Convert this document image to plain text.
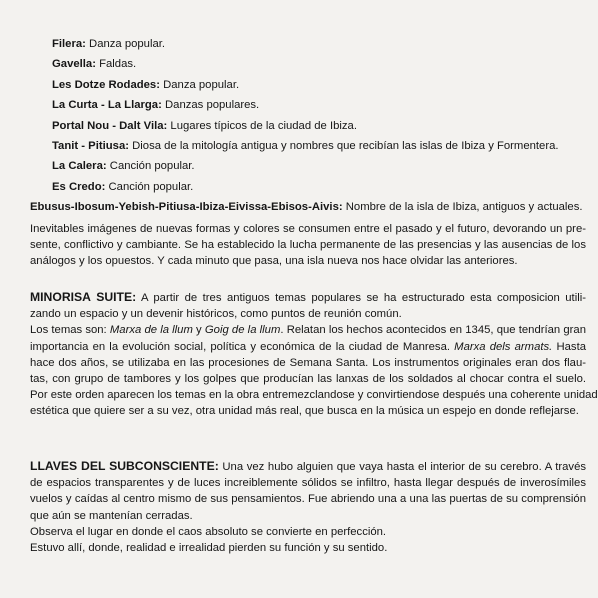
Filera: Danza popular.
Gavella: Faldas.
Les Dotze Rodades: Danza popular.
La Curta - La Llarga: Danzas populares.
Portal Nou - Dalt Vila: Lugares típicos de la ciudad de Ibiza.
Tanit - Pitiusa: Diosa de la mitología antigua y nombres que recibían las islas de Ibiza y Formentera.
La Calera: Canción popular.
Es Credo: Canción popular.
Ebusus-Ibosum-Yebish-Pitiusa-Ibiza-Eivissa-Ebisos-Aivis: Nombre de la isla de Ibiza, antiguos y actuales.
Inevitables imágenes de nuevas formas y colores se consumen entre el pasado y el futuro, devorando un pre-
sente, conflictivo y cambiante. Se ha establecido la lucha permanente de las presencias y las ausencias de los
análogos y los opuestos. Y cada minuto que pasa, una isla nueva nos hace olvidar las anteriores.
MINORISA SUITE: A partir de tres antiguos temas populares se ha estructurado esta composicion utili-
zando un espacio y un devenir históricos, como puntos de reunión común.
Los temas son: Marxa de la llum y Goig de la llum. Relatan los hechos acontecidos en 1345, que tendrían gran
importancia en la evolución social, política y económica de la ciudad de Manresa. Marxa dels armats. Hasta
hace dos años, se utilizaba en las procesiones de Semana Santa. Los instrumentos originales eran dos flau-
tas, con grupo de tambores y los golpes que producían las lanxas de los soldados al chocar contra el suelo.
Por este orden aparecen los temas en la obra entremezclandose y convirtiendose después una coherente unidad
estética que quiere ser a su vez, otra unidad más real, que busca en la música un espejo en donde reflejarse.
LLAVES DEL SUBCONSCIENTE: Una vez hubo alguien que vaya hasta el interior de su cerebro. A través
de espacios transparentes y de luces increiblemente sólidos se infiltro, hasta llegar después de inverosímiles
vuelos y caídas al centro mismo de sus pensamientos. Fue abriendo una a una las puertas de su comprensión
que aún se mantenían cerradas.
Observa el lugar en donde el caos absoluto se convierte en perfección.
Estuvo allí, donde, realidad e irrealidad pierden su función y su sentido.
